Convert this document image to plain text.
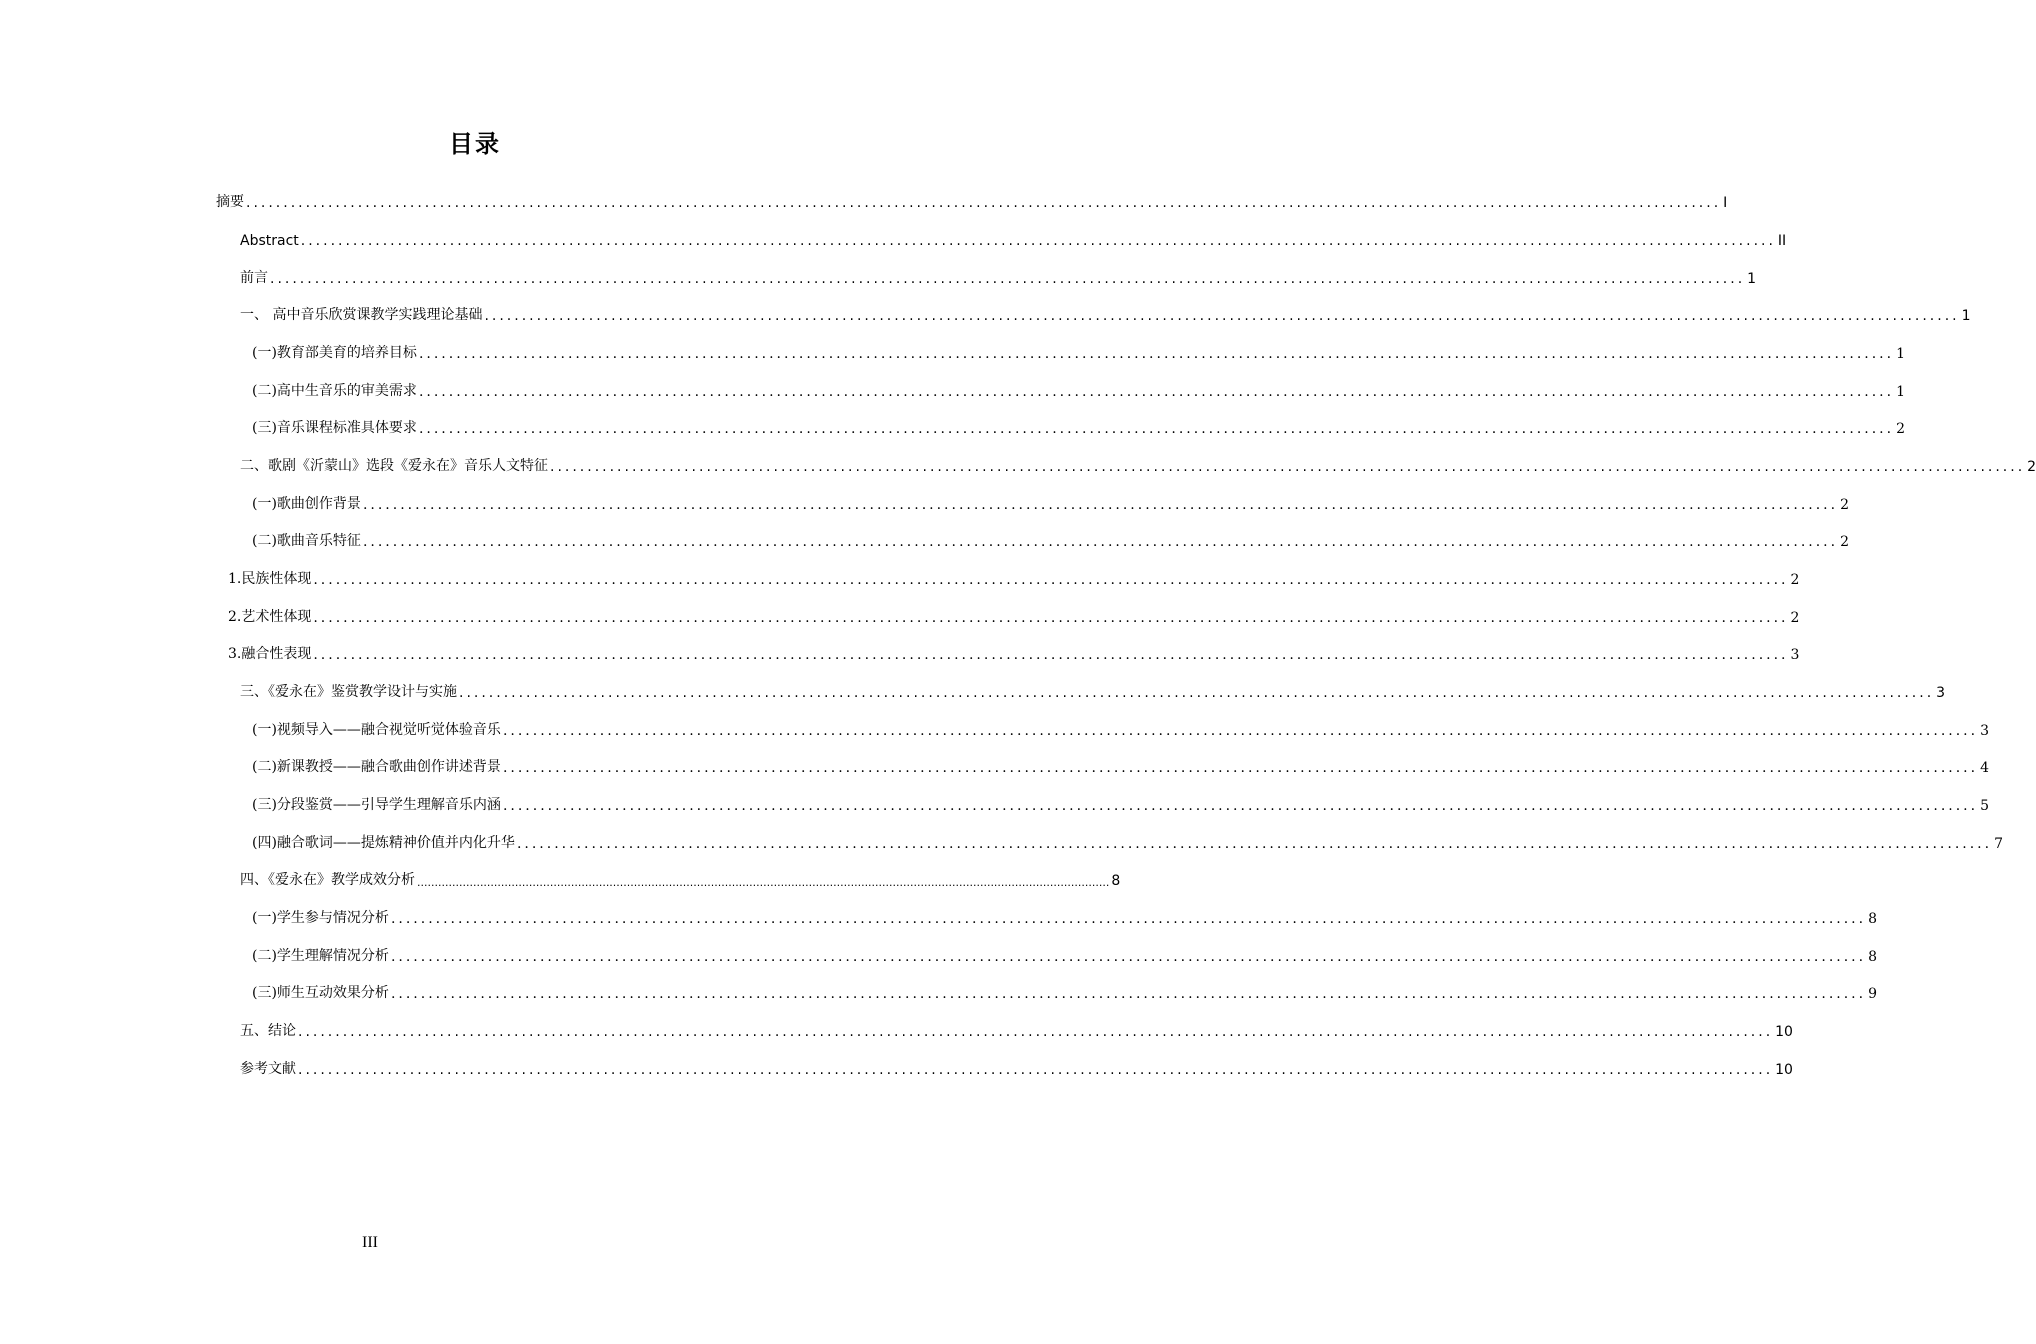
目录
摘要 ...................................................................................................................................................................................................... I
Abstract ...................................................................................................................................................................................................... II
前言 ...................................................................................................................................................................................................... 1
一、 高中音乐欣赏课教学实践理论基础 ...................................................................................................................................................................................................... 1
(一)教育部美育的培养目标 ...................................................................................................................................................................................................... 1
(二)高中生音乐的审美需求 ...................................................................................................................................................................................................... 1
(三)音乐课程标准具体要求 ...................................................................................................................................................................................................... 2
二、歌剧《沂蒙山》选段《爱永在》音乐人文特征 ...................................................................................................................................................................................................... 2
(一)歌曲创作背景 ...................................................................................................................................................................................................... 2
(二)歌曲音乐特征 ...................................................................................................................................................................................................... 2
1.民族性体现 ...................................................................................................................................................................................................... 2
2.艺术性体现 ...................................................................................................................................................................................................... 2
3.融合性表现 ...................................................................................................................................................................................................... 3
三、《爱永在》鉴赏教学设计与实施 ...................................................................................................................................................................................................... 3
(一)视频导入——融合视觉听觉体验音乐 ...................................................................................................................................................................................................... 3
(二)新课教授——融合歌曲创作讲述背景 ...................................................................................................................................................................................................... 4
(三)分段鉴赏——引导学生理解音乐内涵 ...................................................................................................................................................................................................... 5
(四)融合歌词——提炼精神价值并内化升华 ...................................................................................................................................................................................................... 7
四、《爱永在》教学成效分析 ...................................................................................................................................................................................................... 8
(一)学生参与情况分析 ...................................................................................................................................................................................................... 8
(二)学生理解情况分析 ...................................................................................................................................................................................................... 8
(三)师生互动效果分析 ...................................................................................................................................................................................................... 9
五、结论 ...................................................................................................................................................................................................... 10
参考文献 ...................................................................................................................................................................................................... 10
III
